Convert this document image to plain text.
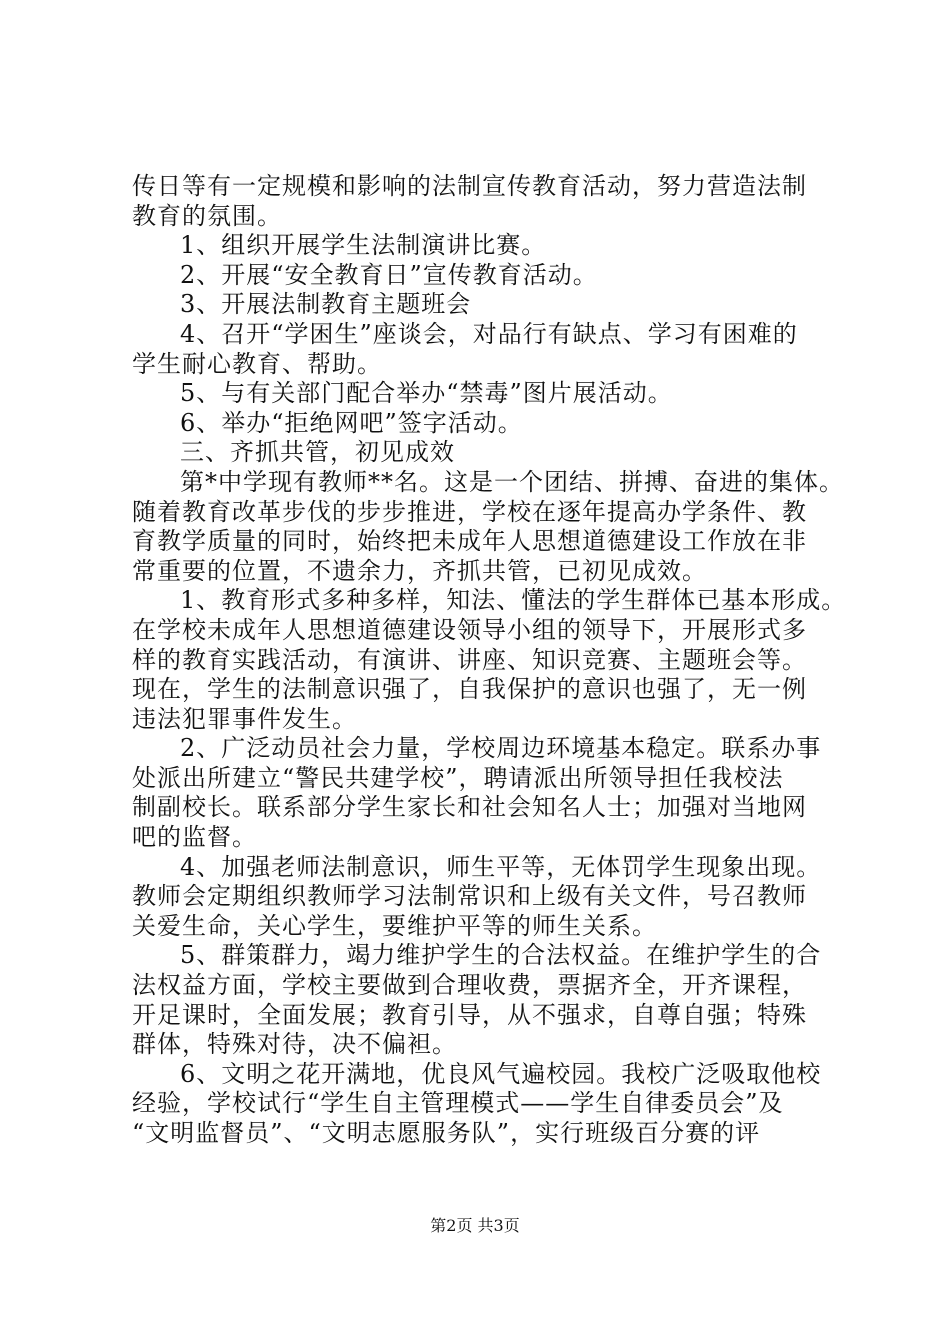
传日等有一定规模和影响的法制宣传教育活动，努力营造法制
教育的氛围。
1、组织开展学生法制演讲比赛。
2、开展“安全教育日”宣传教育活动。
3、开展法制教育主题班会
4、召开“学困生”座谈会，对品行有缺点、学习有困难的
学生耐心教育、帮助。
5、与有关部门配合举办“禁毒”图片展活动。
6、举办“拒绝网吧”签字活动。
三、齐抓共管，初见成效
第*中学现有教师**名。这是一个团结、拼搏、奋进的集体。
随着教育改革步伐的步步推进，学校在逐年提高办学条件、教
育教学质量的同时，始终把未成年人思想道德建设工作放在非
常重要的位置，不遗余力，齐抓共管，已初见成效。
1、教育形式多种多样，知法、懂法的学生群体已基本形成。
在学校未成年人思想道德建设领导小组的领导下，开展形式多
样的教育实践活动，有演讲、讲座、知识竞赛、主题班会等。
现在，学生的法制意识强了，自我保护的意识也强了，无一例
违法犯罪事件发生。
2、广泛动员社会力量，学校周边环境基本稳定。联系办事
处派出所建立“警民共建学校”，聘请派出所领导担任我校法
制副校长。联系部分学生家长和社会知名人士；加强对当地网
吧的监督。
4、加强老师法制意识，师生平等，无体罚学生现象出现。
教师会定期组织教师学习法制常识和上级有关文件，号召教师
关爱生命，关心学生，要维护平等的师生关系。
5、群策群力，竭力维护学生的合法权益。在维护学生的合
法权益方面，学校主要做到合理收费，票据齐全，开齐课程，
开足课时，全面发展；教育引导，从不强求，自尊自强；特殊
群体，特殊对待，决不偏袒。
6、文明之花开满地，优良风气遍校园。我校广泛吸取他校
经验，学校试行“学生自主管理模式——学生自律委员会”及
“文明监督员”、“文明志愿服务队”，实行班级百分赛的评
第2页 共3页
